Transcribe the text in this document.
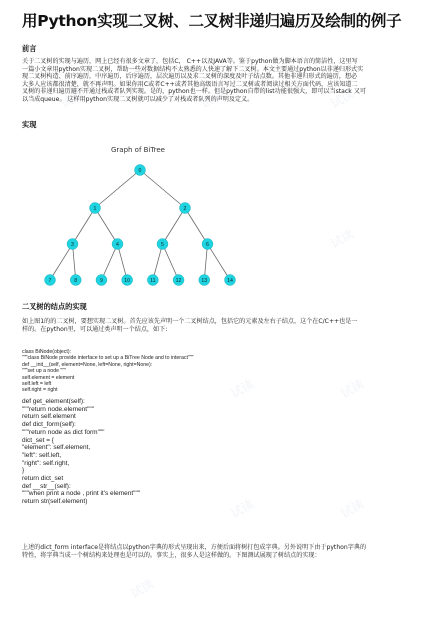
试读	试读	试读
试读
试读	试读
试读	试读
试读
用Python实现二叉树、二叉树非递归遍历及绘制的例子
前言
关于二叉树的实现与遍历，网上已经有很多文章了，包括C， C++以及JAVA等。鉴于python做为脚本语言的简洁性，这里写
一篇小文章用python实现二叉树，帮助一些对数据结构不太熟悉的人快速了解下二叉树。本文主要通过python以非递归形式实
现二叉树构造、前序遍历，中序遍历，后序遍历，层次遍历以及求二叉树的深度及叶子结点数。其他非递归形式的遍历，想必
大多人应该都很清楚，就不再声明。如果你用C或者C++或者其他高级语言写过二叉树或者阅读过相关方面代码，应该知道二
叉树的非递归遍历避不开通过栈或者队列实现。是的，python也一样。但是python自带的list功能很强大，即可以当stack 又可
以当成queue。 这样用python实现二叉树就可以减少了对栈或者队列的声明及定义。
实现
Graph of BiTree
0
1	2
3	4	5	6
7	8	9	10	11	12	13	14
二叉树的结点的实现
如上图1的的二叉树，要想实现二叉树。首先应该先声明一个二叉树结点，包括它的元素及左右子结点，这个在C/C++也是一
样的。在python里，可以通过类声明一个结点，如下:
class BiNode(object):
"""class BiNode provide interface to set up a BiTree Node and to interact"""
def __init__(self, element=None, left=None, right=None):
"""set up a node """
self.element = element
self.left = left
self.right = right
def get_element(self):
"""return node.element"""
return self.element
def dict_form(self):
"""return node as dict form"""
dict_set = {
"element": self.element,
"left": self.left,
"right": self.right,
}
return dict_set
def __str__(self):
"""when print a node , print it's element"""
return str(self.element)
上述的dict_form interface是将结点以python字典的形式呈现出来，方便后面将树打包成字典。另外说明下由于python字典的
特性，将字典当成一个树结构来处理也是可以的。事实上，很多人是这样做的。下图测试展现了树结点的实现：
